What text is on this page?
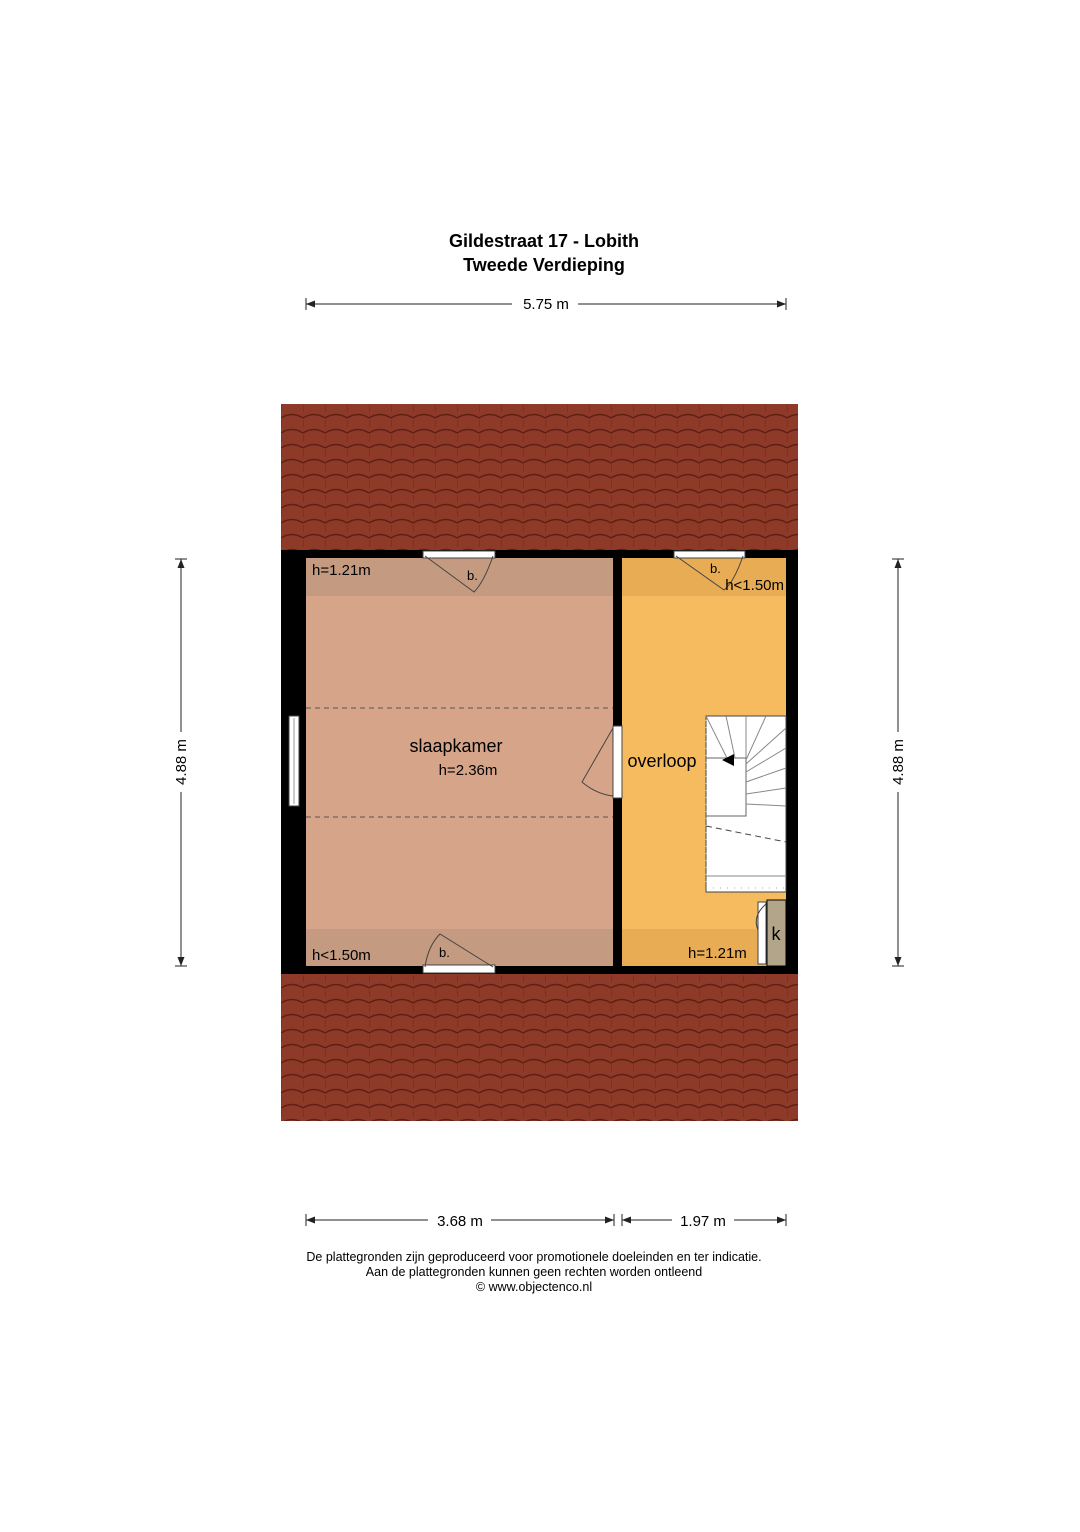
Gildestraat 17 - Lobith
Tweede Verdieping
5.75 m
k
b.
b.
b.
slaapkamer
h=2.36m
h=1.21m
h<1.50m
overloop
h<1.50m
h=1.21m
4.88 m	4.88 m
3.68 m	1.97 m
De plattegronden zijn geproduceerd voor promotionele doeleinden en ter indicatie.
Aan de plattegronden kunnen geen rechten worden ontleend
© www.objectenco.nl
